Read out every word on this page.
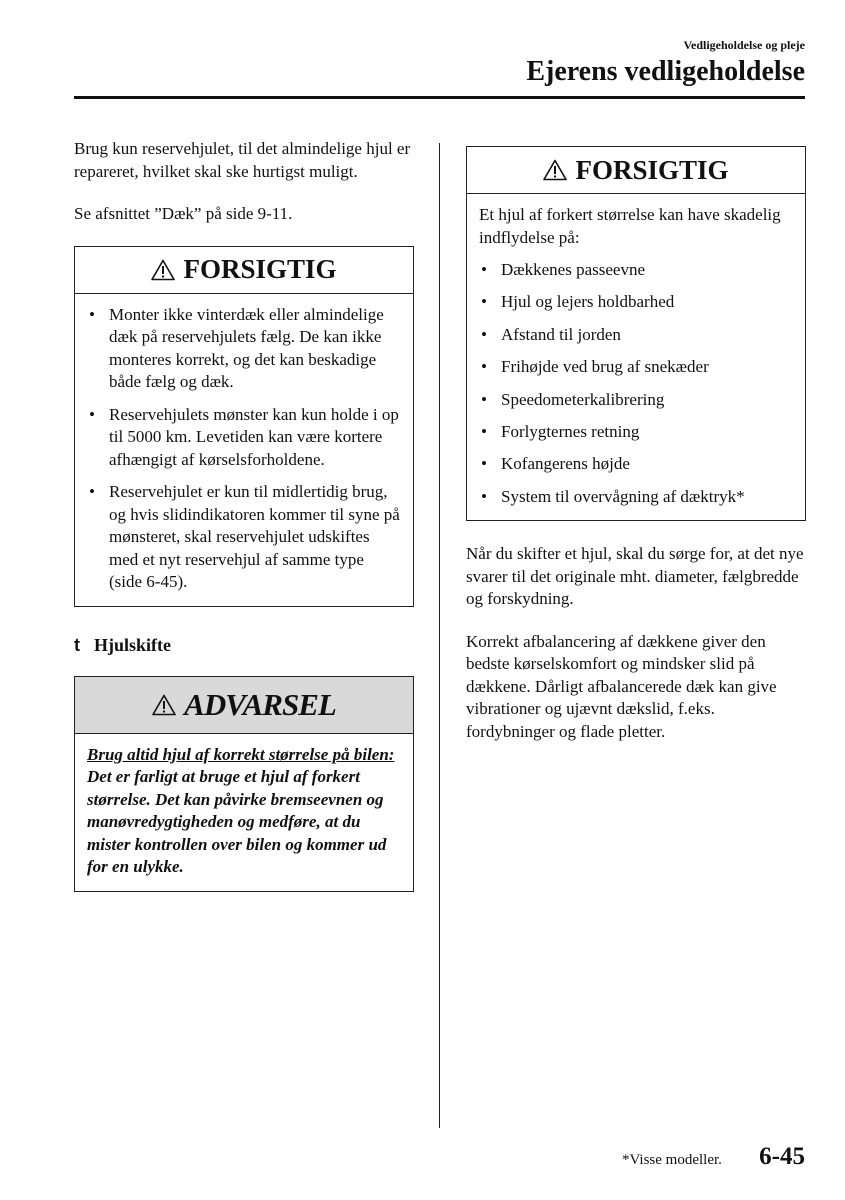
Vedligeholdelse og pleje
Ejerens vedligeholdelse

Brug kun reservehjulet, til det almindelige hjul er repareret, hvilket skal ske hurtigst muligt.

Se afsnittet ”Dæk” på side 9-11.

FORSIGTIG
• Monter ikke vinterdæk eller almindelige dæk på reservehjulets fælg. De kan ikke monteres korrekt, og det kan beskadige både fælg og dæk.
• Reservehjulets mønster kan kun holde i op til 5000 km. Levetiden kan være kortere afhængigt af kørselsforholdene.
• Reservehjulet er kun til midlertidig brug, og hvis slidindikatoren kommer til syne på mønsteret, skal reservehjulet udskiftes med et nyt reservehjul af samme type (side 6-45).
t Hjulskifte
ADVARSEL
Brug altid hjul af korrekt størrelse på bilen:
Det er farligt at bruge et hjul af forkert størrelse. Det kan påvirke bremseevnen og manøvredygtigheden og medføre, at du mister kontrollen over bilen og kommer ud for en ulykke.
FORSIGTIG

Et hjul af forkert størrelse kan have skadelig indflydelse på:

• Dækkenes passeevne
• Hjul og lejers holdbarhed
• Afstand til jorden
• Frihøjde ved brug af snekæder
• Speedometerkalibrering
• Forlygternes retning
• Kofangerens højde
• System til overvågning af dæktryk*

Når du skifter et hjul, skal du sørge for, at det nye svarer til det originale mht. diameter, fælgbredde og forskydning.

Korrekt afbalancering af dækkene giver den bedste kørselskomfort og mindsker slid på dækkene. Dårligt afbalancerede dæk kan give vibrationer og ujævnt dækslid, f.eks. fordybninger og flade pletter.

*Visse modeller. 6-45
